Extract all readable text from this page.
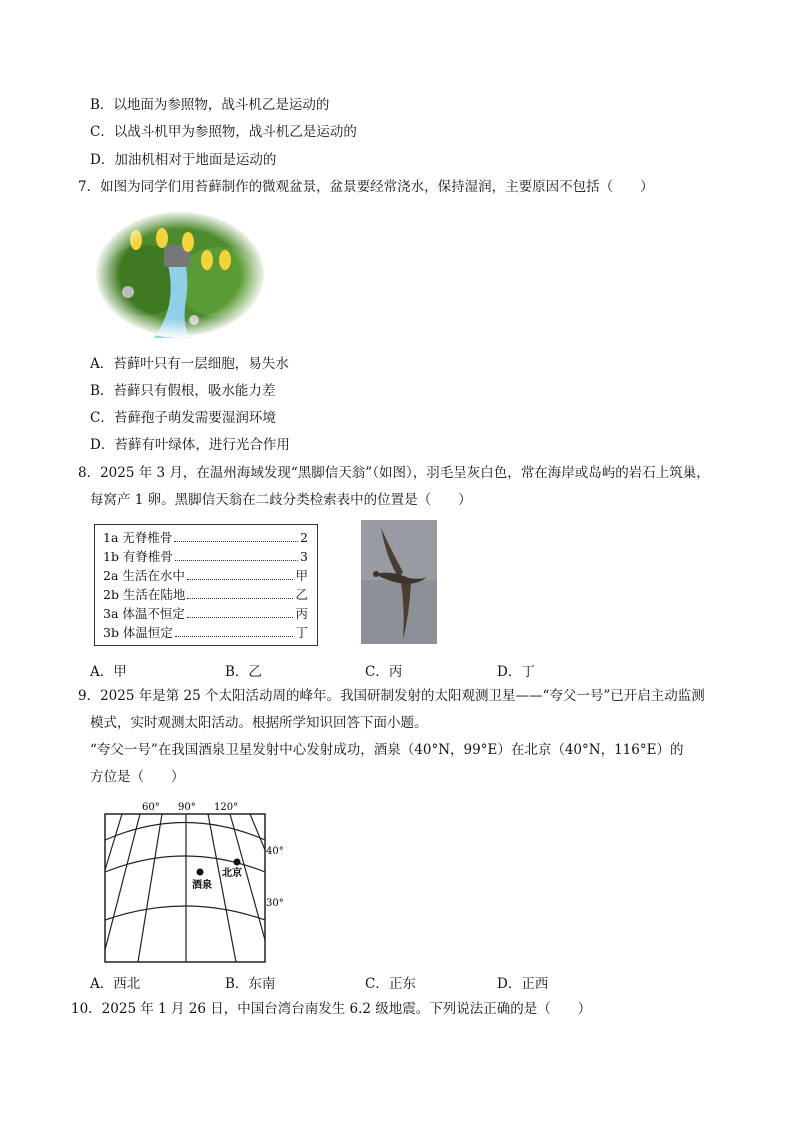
B．以地面为参照物，战斗机乙是运动的
C．以战斗机甲为参照物，战斗机乙是运动的
D．加油机相对于地面是运动的
7．如图为同学们用苔藓制作的微观盆景，盆景要经常浇水，保持湿润，主要原因不包括（　　）
A．苔藓叶只有一层细胞，易失水
B．苔藓只有假根，吸水能力差
C．苔藓孢子萌发需要湿润环境
D．苔藓有叶绿体，进行光合作用
8．2025 年 3 月，在温州海域发现“黑脚信天翁”（如图），羽毛呈灰白色，常在海岸或岛屿的岩石上筑巢，
每窝产 1 卵。黑脚信天翁在二歧分类检索表中的位置是（　　）
1a 无脊椎骨	2
1b 有脊椎骨	3
2a 生活在水中	甲
2b 生活在陆地	乙
3a 体温不恒定	丙
3b 体温恒定	丁
A．甲	B．乙	C．丙	D．丁
9．2025 年是第 25 个太阳活动周的峰年。我国研制发射的太阳观测卫星——“夸父一号”已开启主动监测
模式，实时观测太阳活动。根据所学知识回答下面小题。
“夸父一号”在我国酒泉卫星发射中心发射成功，酒泉（40°N，99°E）在北京（40°N，116°E）的
方位是（　　）
酒泉
北京
60° 90° 120°
40°
30°
A．西北	B．东南	C．正东	D．正西
10．2025 年 1 月 26 日，中国台湾台南发生 6.2 级地震。下列说法正确的是（　　）
